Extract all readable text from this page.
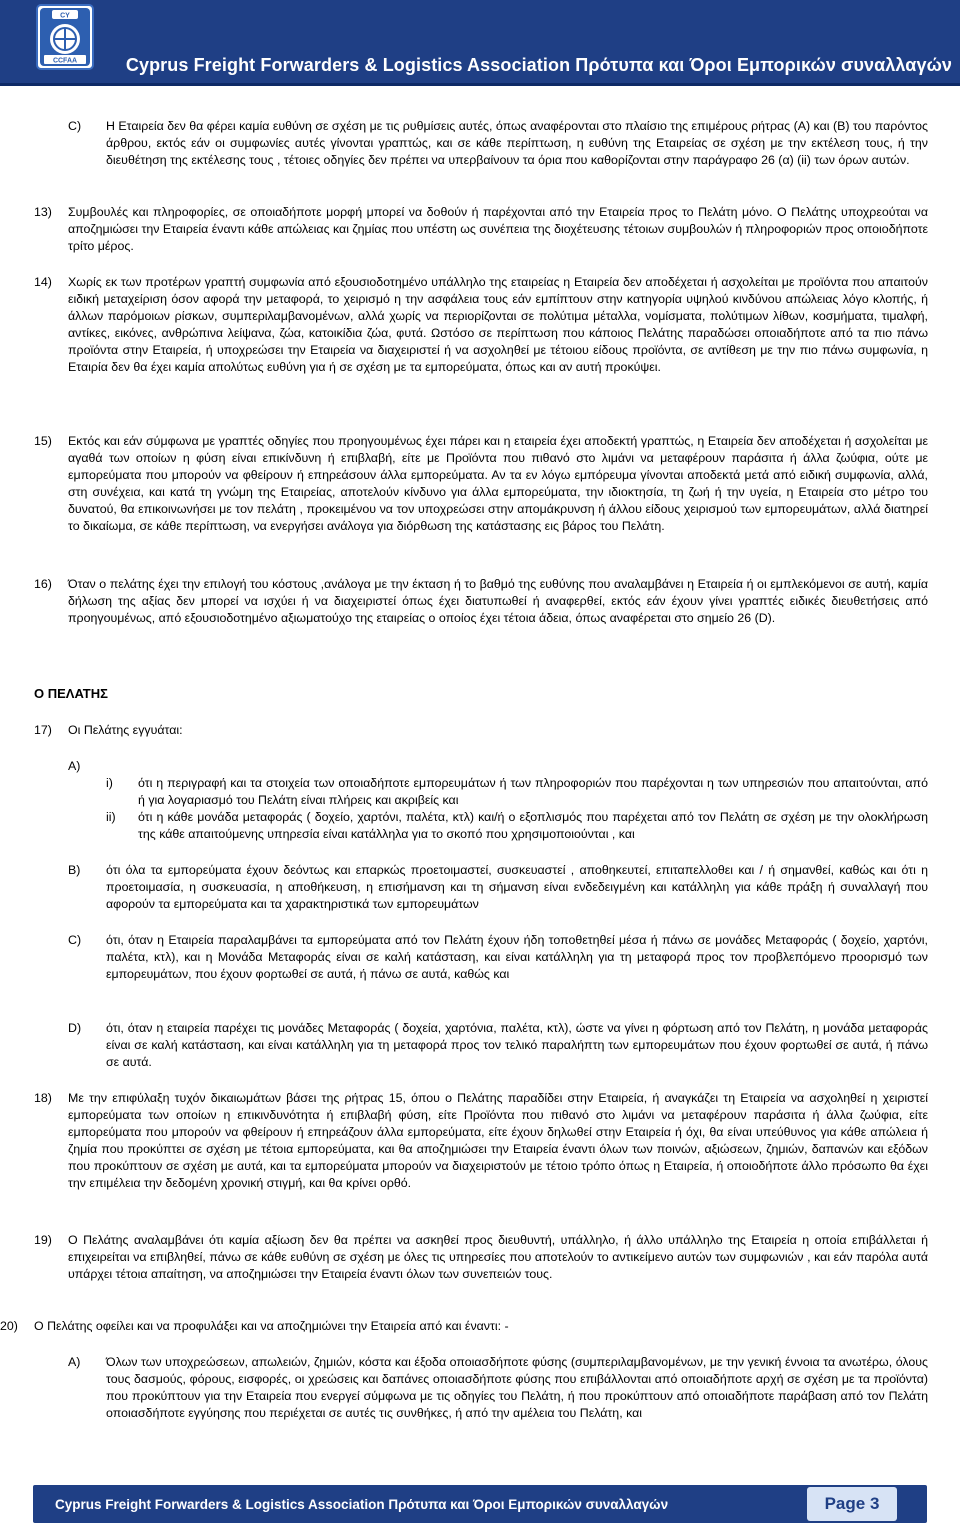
CY
CCFAA	Cyprus Freight Forwarders & Logistics Association Πρότυπα και Όροι Εμπορικών συναλλαγών
C) Η Εταιρεία δεν θα φέρει καμία ευθύνη σε σχέση με τις ρυθμίσεις αυτές, όπως αναφέρονται στο πλαίσιο της επιμέρους ρήτρας (Α) και (Β) του παρόντος άρθρου, εκτός εάν οι συμφωνίες αυτές γίνονται γραπτώς, και σε κάθε περίπτωση, η ευθύνη της Εταιρείας σε σχέση με την εκτέλεση τους, ή την διευθέτηση της εκτέλεσης τους , τέτοιες οδηγίες δεν πρέπει να υπερβαίνουν τα όρια που καθορίζονται στην παράγραφο 26 (α) (ii) των όρων αυτών.
13) Συμβουλές και πληροφορίες, σε οποιαδήποτε μορφή μπορεί να δοθούν ή παρέχονται από την Εταιρεία προς το Πελάτη μόνο. Ο Πελάτης υποχρεούται να αποζημιώσει την Εταιρεία έναντι κάθε απώλειας και ζημίας που υπέστη ως συνέπεια της διοχέτευσης τέτοιων συμβουλών ή πληροφοριών προς οποιοδήποτε τρίτο μέρος.
14) Χωρίς εκ των προτέρων γραπτή συμφωνία από εξουσιοδοτημένο υπάλληλο της εταιρείας η Εταιρεία δεν αποδέχεται ή ασχολείται με προϊόντα που απαιτούν ειδική μεταχείριση όσον αφορά την μεταφορά, το χειρισμό η την ασφάλεια τους εάν εμπίπτουν στην κατηγορία υψηλού κινδύνου απώλειας λόγο κλοπής, ή άλλων παρόμοιων ρίσκων, συμπεριλαμβανομένων, αλλά χωρίς να περιορίζονται σε πολύτιμα μέταλλα, νομίσματα, πολύτιμων λίθων, κοσμήματα, τιμαλφή, αντίκες, εικόνες, ανθρώπινα λείψανα, ζώα, κατοικίδια ζώα, φυτά. Ωστόσο σε περίπτωση που κάποιος Πελάτης παραδώσει οποιαδήποτε από τα πιο πάνω προϊόντα στην Εταιρεία, ή υποχρεώσει την Εταιρεία να διαχειριστεί ή να ασχοληθεί με τέτοιου είδους προϊόντα, σε αντίθεση με την πιο πάνω συμφωνία, η Εταιρία δεν θα έχει καμία απολύτως ευθύνη για ή σε σχέση με τα εμπορεύματα, όπως και αν αυτή προκύψει.
15) Εκτός και εάν σύμφωνα με γραπτές οδηγίες που προηγουμένως έχει πάρει και η εταιρεία έχει αποδεκτή γραπτώς, η Εταιρεία δεν αποδέχεται ή ασχολείται με αγαθά των οποίων η φύση είναι επικίνδυνη ή επιβλαβή, είτε με Προϊόντα που πιθανό στο λιμάνι να μεταφέρουν παράσιτα ή άλλα ζωύφια, ούτε με εμπορεύματα που μπορούν να φθείρουν ή επηρεάσουν άλλα εμπορεύματα. Αν τα εν λόγω εμπόρευμα γίνονται αποδεκτά μετά από ειδική συμφωνία, αλλά, στη συνέχεια, και κατά τη γνώμη της Εταιρείας, αποτελούν κίνδυνο για άλλα εμπορεύματα, την ιδιοκτησία, τη ζωή ή την υγεία, η Εταιρεία στο μέτρο του δυνατού, θα επικοινωνήσει με τον πελάτη , προκειμένου να τον υποχρεώσει στην απομάκρυνση ή άλλου είδους χειρισμού των εμπορευμάτων, αλλά διατηρεί το δικαίωμα, σε κάθε περίπτωση, να ενεργήσει ανάλογα για διόρθωση της κατάστασης εις βάρος του Πελάτη.
16) Όταν ο πελάτης έχει την επιλογή του κόστους ,ανάλογα με την έκταση ή το βαθμό της ευθύνης που αναλαμβάνει η Εταιρεία ή οι εμπλεκόμενοι σε αυτή, καμία δήλωση της αξίας δεν μπορεί να ισχύει ή να διαχειριστεί όπως έχει διατυπωθεί ή αναφερθεί, εκτός εάν έχουν γίνει γραπτές ειδικές διευθετήσεις από προηγουμένως, από εξουσιοδοτημένο αξιωματούχο της εταιρείας ο οποίος έχει τέτοια άδεια, όπως αναφέρεται στο σημείο 26 (D).
Ο ΠΕΛΑΤΗΣ
17) Οι Πελάτης εγγυάται:
A)
i) ότι η περιγραφή και τα στοιχεία των οποιαδήποτε εμπορευμάτων ή των πληροφοριών που παρέχονται η των υπηρεσιών που απαιτούνται, από ή για λογαριασμό του Πελάτη είναι πλήρεις και ακριβείς και
ii) ότι η κάθε μονάδα μεταφοράς ( δοχείο, χαρτόνι, παλέτα, κτλ) και/ή ο εξοπλισμός που παρέχεται από τον Πελάτη σε σχέση με την ολοκλήρωση της κάθε απαιτούμενης υπηρεσία είναι κατάλληλα για το σκοπό που χρησιμοποιούνται , και
B) ότι όλα τα εμπορεύματα έχουν δεόντως και επαρκώς προετοιμαστεί, συσκευαστεί , αποθηκευτεί, επιταπελλοθει και / ή σημανθεί, καθώς και ότι η προετοιμασία, η συσκευασία, η αποθήκευση, η επισήμανση και τη σήμανση είναι ενδεδειγμένη και κατάλληλη για κάθε πράξη ή συναλλαγή που αφορούν τα εμπορεύματα και τα χαρακτηριστικά των εμπορευμάτων
C) ότι, όταν η Εταιρεία παραλαμβάνει τα εμπορεύματα από τον Πελάτη έχουν ήδη τοποθετηθεί μέσα ή πάνω σε μονάδες Μεταφοράς ( δοχείο, χαρτόνι, παλέτα, κτλ), και η Μονάδα Μεταφοράς είναι σε καλή κατάσταση, και είναι κατάλληλη για τη μεταφορά προς τον προβλεπόμενο προορισμό των εμπορευμάτων, που έχουν φορτωθεί σε αυτά, ή πάνω σε αυτά, καθώς και
D) ότι, όταν η εταιρεία παρέχει τις μονάδες Μεταφοράς ( δοχεία, χαρτόνια, παλέτα, κτλ), ώστε να γίνει η φόρτωση από τον Πελάτη, η μονάδα μεταφοράς είναι σε καλή κατάσταση, και είναι κατάλληλη για τη μεταφορά προς τον τελικό παραλήπτη των εμπορευμάτων που έχουν φορτωθεί σε αυτά, ή πάνω σε αυτά.
18) Με την επιφύλαξη τυχόν δικαιωμάτων βάσει της ρήτρας 15, όπου ο Πελάτης παραδίδει στην Εταιρεία, ή αναγκάζει τη Εταιρεία να ασχοληθεί η χειριστεί εμπορεύματα των οποίων η επικινδυνότητα ή επιβλαβή φύση, είτε Προϊόντα που πιθανό στο λιμάνι να μεταφέρουν παράσιτα ή άλλα ζωύφια, είτε εμπορεύματα που μπορούν να φθείρουν ή επηρεάζουν άλλα εμπορεύματα, είτε έχουν δηλωθεί στην Εταιρεία ή όχι, θα είναι υπεύθυνος για κάθε απώλεια ή ζημία που προκύπτει σε σχέση με τέτοια εμπορεύματα, και θα αποζημιώσει την Εταιρεία έναντι όλων των ποινών, αξιώσεων, ζημιών, δαπανών και εξόδων που προκύπτουν σε σχέση με αυτά, και τα εμπορεύματα μπορούν να διαχειριστούν με τέτοιο τρόπο όπως η Εταιρεία, ή οποιοδήποτε άλλο πρόσωπο θα έχει την επιμέλεια την δεδομένη χρονική στιγμή, και θα κρίνει ορθό.
19) Ο Πελάτης αναλαμβάνει ότι καμία αξίωση δεν θα πρέπει να ασκηθεί προς διευθυντή, υπάλληλο, ή άλλο υπάλληλο της Εταιρεία η οποία επιβάλλεται ή επιχειρείται να επιβληθεί, πάνω σε κάθε ευθύνη σε σχέση με όλες τις υπηρεσίες που αποτελούν το αντικείμενο αυτών των συμφωνιών , και εάν παρόλα αυτά υπάρχει τέτοια απαίτηση, να αποζημιώσει την Εταιρεία έναντι όλων των συνεπειών τους.
20) Ο Πελάτης οφείλει και να προφυλάξει και να αποζημιώνει την Εταιρεία από και έναντι: -
A) Όλων των υποχρεώσεων, απωλειών, ζημιών, κόστα και έξοδα οποιασδήποτε φύσης (συμπεριλαμβανομένων, με την γενική έννοια τα ανωτέρω, όλους τους δασμούς, φόρους, εισφορές, οι χρεώσεις και δαπάνες οποιασδήποτε φύσης που επιβάλλονται από οποιαδήποτε αρχή σε σχέση με τα προϊόντα) που προκύπτουν για την Εταιρεία που ενεργεί σύμφωνα με τις οδηγίες του Πελάτη, ή που προκύπτουν από οποιαδήποτε παράβαση από τον Πελάτη οποιασδήποτε εγγύησης που περιέχεται σε αυτές τις συνθήκες, ή από την αμέλεια του Πελάτη, και
Cyprus Freight Forwarders & Logistics Association Πρότυπα και Όροι Εμπορικών συναλλαγών	Page 3
